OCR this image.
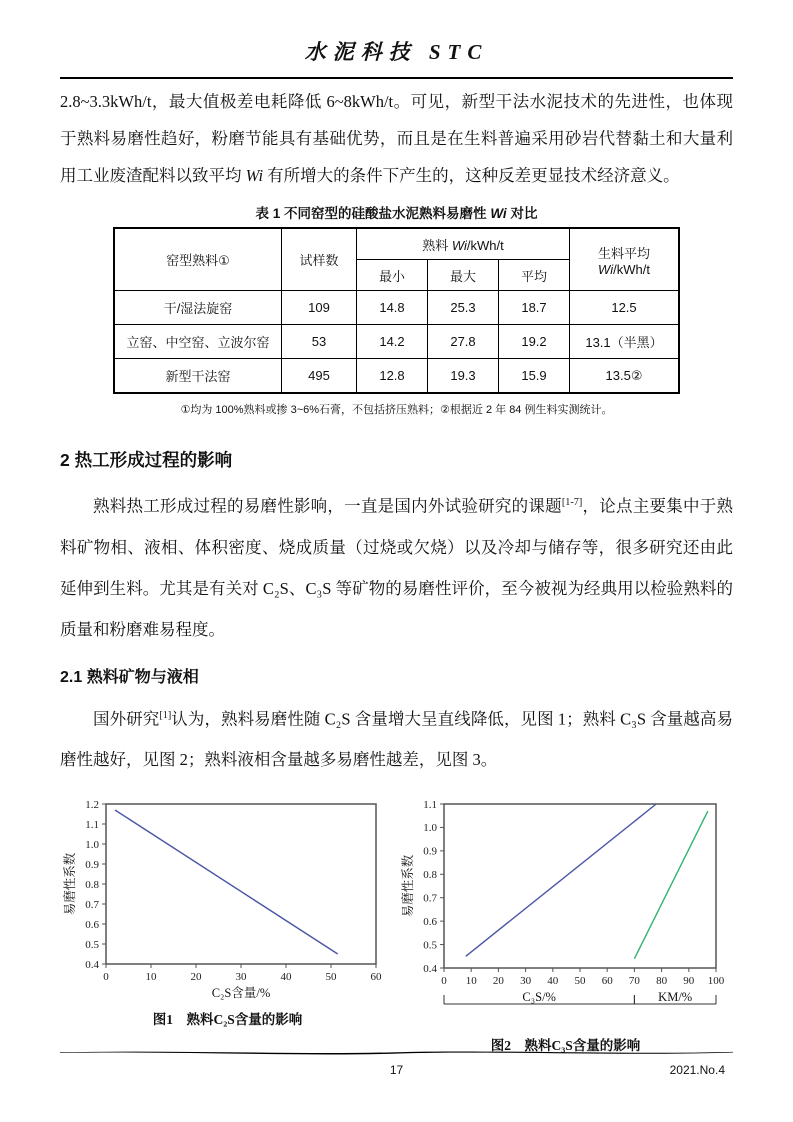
水泥科技 STC

2.8~3.3kWh/t，最大值极差电耗降低 6~8kWh/t。可见，新型干法水泥技术的先进性，也体现于熟料易磨性趋好，粉磨节能具有基础优势，而且是在生料普遍采用砂岩代替黏土和大量利用工业废渣配料以致平均 Wi 有所增大的条件下产生的，这种反差更显技术经济意义。

表 1 不同窑型的硅酸盐水泥熟料易磨性 Wi 对比
窑型熟料①	试样数	熟料 Wi/kWh/t			生料平均 Wi/kWh/t
		最小	最大	平均	
干/湿法旋窑	109	14.8	25.3	18.7	12.5
立窑、中空窑、立波尔窑	53	14.2	27.8	19.2	13.1（半黑）
新型干法窑	495	12.8	19.3	15.9	13.5②
①均为 100%熟料或掺 3~6%石膏，不包括挤压熟料；②根据近 2 年 84 例生料实测统计。
2 热工形成过程的影响

熟料热工形成过程的易磨性影响，一直是国内外试验研究的课题[1-7]，论点主要集中于熟料矿物相、液相、体积密度、烧成质量（过烧或欠烧）以及冷却与储存等，很多研究还由此延伸到生料。尤其是有关对 C₂S、C₃S 等矿物的易磨性评价，至今被视为经典用以检验熟料的质量和粉磨难易程度。

2.1 熟料矿物与液相

国外研究[1]认为，熟料易磨性随 C₂S 含量增大呈直线降低，见图 1；熟料 C₃S 含量越高易磨性越好，见图 2；熟料液相含量越多易磨性越差，见图 3。

0	10	20	30	40	50	60
0.4
0.5
0.6
0.7
0.8
0.9
1.0
1.1
1.2
易磨性系数
C₂S含量/%
图1　熟料C₂S含量的影响
0 10 20 30 40 50 60 70 80 90 100
0.4
0.5
0.6
0.7
0.8
0.9
1.0
1.1
易磨性系数
C₃S/%	KM/%
图2　熟料C₃S含量的影响
17	2021.No.4
